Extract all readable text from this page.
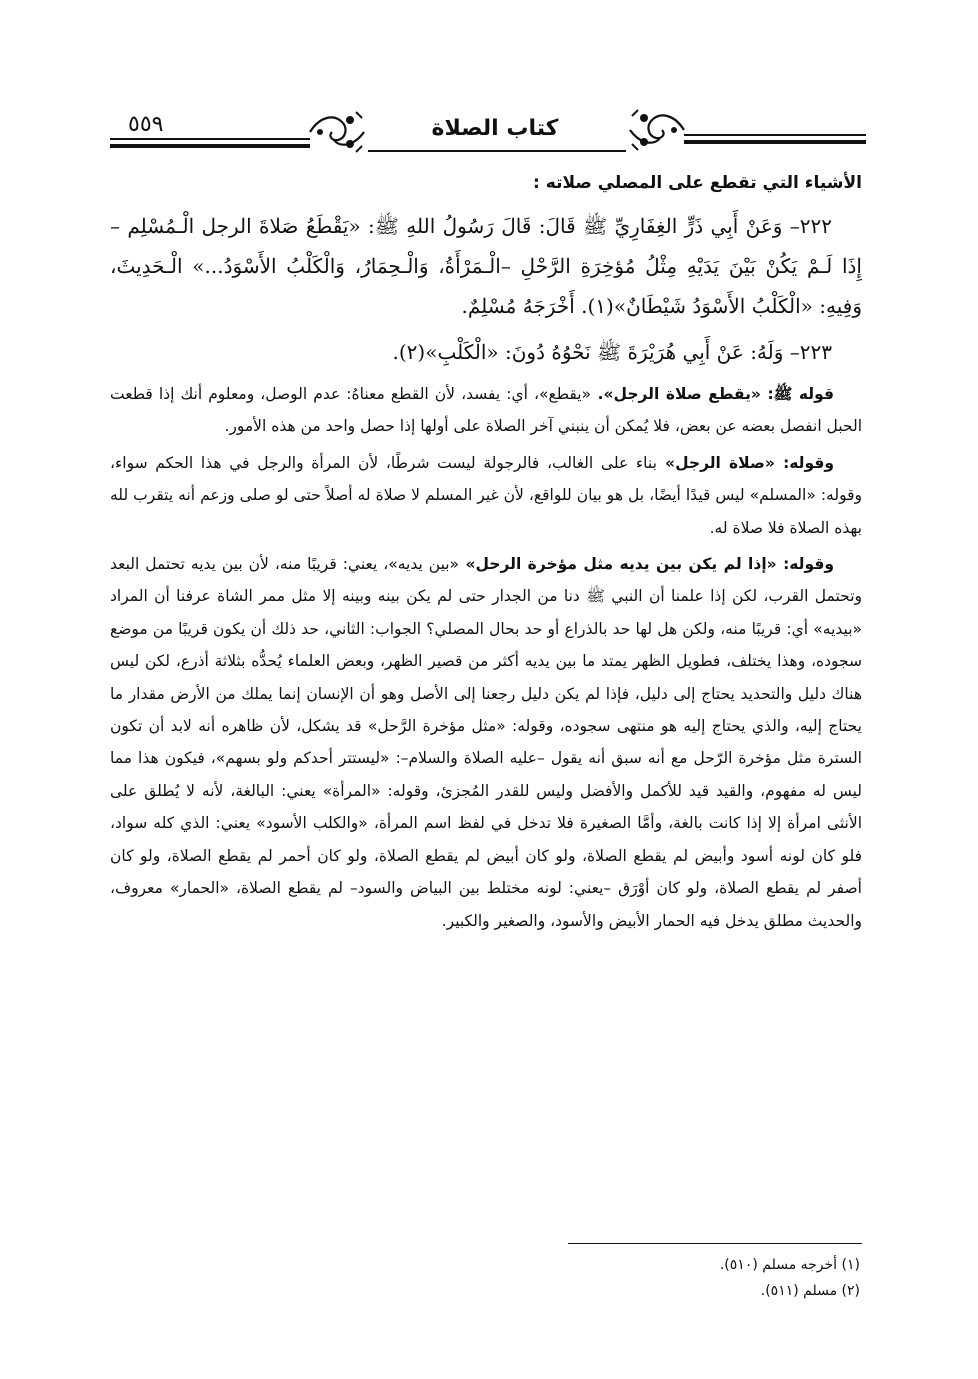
٥٥٩	كتاب الصلاة
الأشياء التي تقطع على المصلي صلاته :

٢٢٢– وَعَنْ أَبِي ذَرٍّ الغِفَارِيِّ ﷺ قَالَ: قَالَ رَسُولُ اللهِ ﷺ: «يَقْطَعُ صَلاةَ الرجل الْـمُسْلِم –إِذَا لَـمْ يَكُنْ بَيْنَ يَدَيْهِ مِثْلُ مُؤخِرَةِ الرَّحْلِ –الْـمَرْأَةُ، وَالْـحِمَارُ، وَالْكَلْبُ الأَسْوَدُ...» الْـحَدِيثَ، وَفِيهِ: «الْكَلْبُ الأَسْوَدُ شَيْطَانٌ»(١). أَخْرَجَهُ مُسْلِمٌ.

٢٢٣– وَلَهُ: عَنْ أَبِي هُرَيْرَةَ ﷺ نَحْوُهُ دُونَ: «الْكَلْبِ»(٢).

قوله ﷺ: «يقطع صلاة الرجل». «يقطع»، أي: يفسد، لأن القطع معناهُ: عدم الوصل، ومعلوم أنك إذا قطعت الحبل انفصل بعضه عن بعض، فلا يُمكن أن ينبني آخر الصلاة على أولها إذا حصل واحد من هذه الأمور.

وقوله: «صلاة الرجل» بناء على الغالب، فالرجولة ليست شرطًا، لأن المرأة والرجل في هذا الحكم سواء، وقوله: «المسلم» ليس قيدًا أيضًا، بل هو بيان للواقع، لأن غير المسلم لا صلاة له أصلاً حتى لو صلى وزعم أنه يتقرب لله بهذه الصلاة فلا صلاة له.

وقوله: «إذا لم يكن بين يديه مثل مؤخرة الرحل» «بين يديه»، يعني: قريبًا منه، لأن بين يديه تحتمل البعد وتحتمل القرب، لكن إذا علمنا أن النبي ﷺ دنا من الجدار حتى لم يكن بينه وبينه إلا مثل ممر الشاة عرفنا أن المراد «بيديه» أي: قريبًا منه، ولكن هل لها حد بالذراع أو حد بحال المصلي؟ الجواب: الثاني، حد ذلك أن يكون قريبًا من موضع سجوده، وهذا يختلف، فطويل الظهر يمتد ما بين يديه أكثر من قصير الظهر، وبعض العلماء يُحدُّه بثلاثة أذرع، لكن ليس هناك دليل والتحديد يحتاج إلى دليل، فإذا لم يكن دليل رجعنا إلى الأصل وهو أن الإنسان إنما يملك من الأرض مقدار ما يحتاج إليه، والذي يحتاج إليه هو منتهى سجوده، وقوله: «مثل مؤخرة الرَّحل» قد يشكل، لأن ظاهره أنه لابد أن تكون السترة مثل مؤخرة الرّحل مع أنه سبق أنه يقول –عليه الصلاة والسلام–: «ليستتر أحدكم ولو بسهم»، فيكون هذا مما ليس له مفهوم، والقيد قيد للأكمل والأفضل وليس للقدر المُجزئ، وقوله: «المرأة» يعني: البالغة، لأنه لا يُطلق على الأنثى امرأة إلا إذا كانت بالغة، وأمَّا الصغيرة فلا تدخل في لفظ اسم المرأة، «والكلب الأسود» يعني: الذي كله سواد، فلو كان لونه أسود وأبيض لم يقطع الصلاة، ولو كان أبيض لم يقطع الصلاة، ولو كان أحمر لم يقطع الصلاة، ولو كان أصفر لم يقطع الصلاة، ولو كان أوْرَق –يعني: لونه مختلط بين البياض والسود– لم يقطع الصلاة، «الحمار» معروف، والحديث مطلق يدخل فيه الحمار الأبيض والأسود، والصغير والكبير.

(١) أخرجه مسلم (٥١٠).
(٢) مسلم (٥١١).
